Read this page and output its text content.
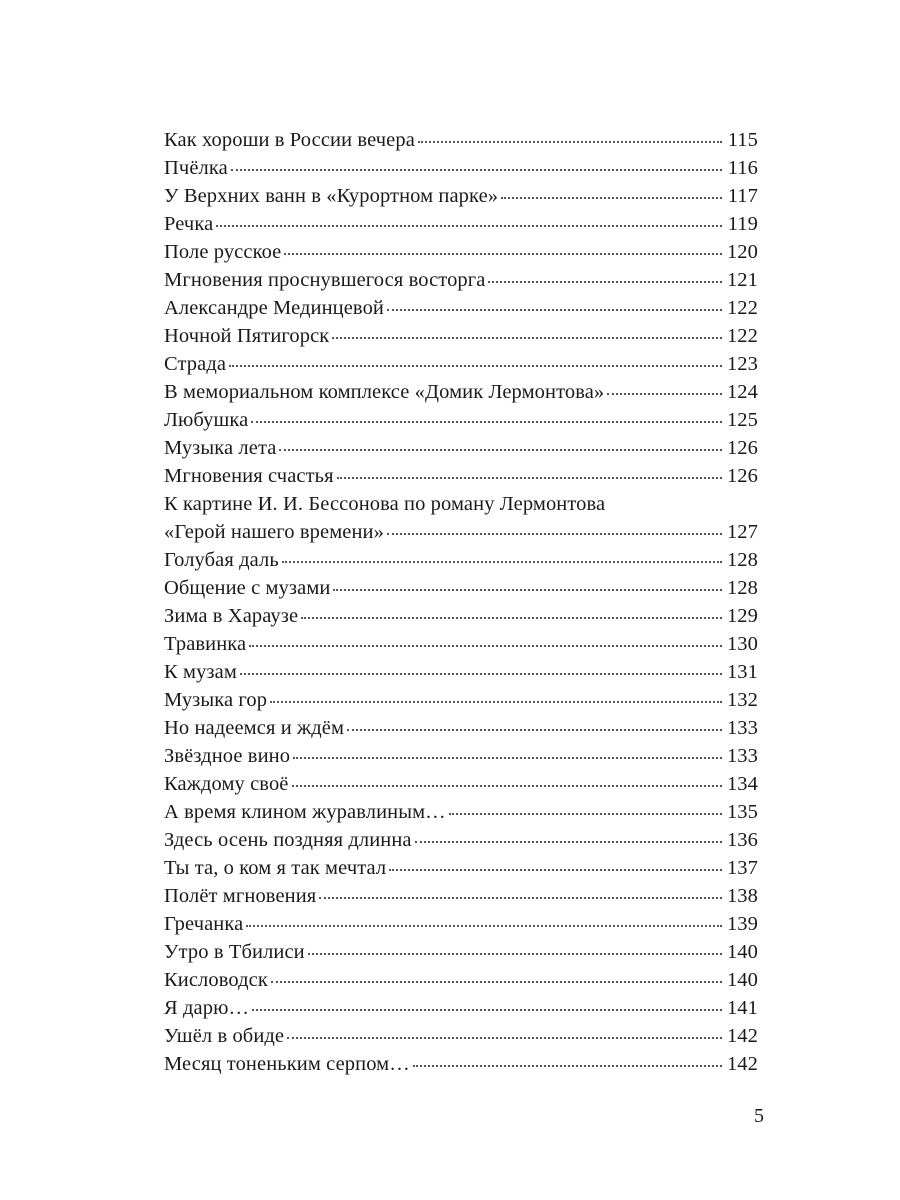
Как хороши в России вечера	115
Пчёлка	116
У Верхних ванн в «Курортном парке»	117
Речка	119
Поле русское	120
Мгновения проснувшегося восторга	121
Александре Мединцевой	122
Ночной Пятигорск	122
Страда	123
В мемориальном комплексе «Домик Лермонтова»	124
Любушка	125
Музыка лета	126
Мгновения счастья	126
К картине И. И. Бессонова по роману Лермонтова
«Герой нашего времени»	127
Голубая даль	128
Общение с музами	128
Зима в Хараузе	129
Травинка	130
К музам	131
Музыка гор	132
Но надеемся и ждём	133
Звёздное вино	133
Каждому своё	134
А время клином журавлиным…	135
Здесь осень поздняя длинна	136
Ты та, о ком я так мечтал	137
Полёт мгновения	138
Гречанка	139
Утро в Тбилиси	140
Кисловодск	140
Я дарю…	141
Ушёл в обиде	142
Месяц тоненьким серпом…	142
5
